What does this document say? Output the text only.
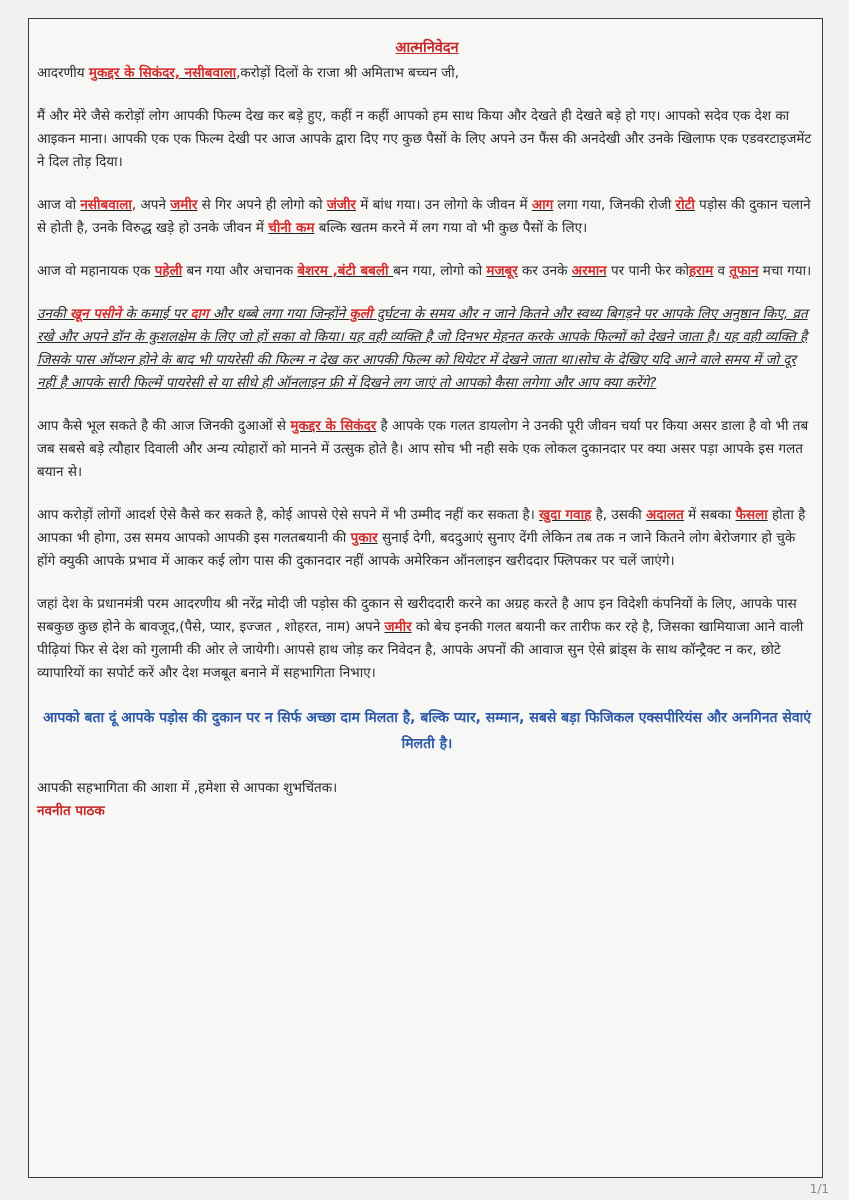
आत्मनिवेदन

आदरणीय मुकद्दर के सिकंदर, नसीबवाला,करोड़ों दिलों के राजा श्री अमिताभ बच्चन जी,

मैं और मेरे जैसे करोड़ों लोग आपकी फिल्म देख कर बड़े हुए, कहीं न कहीं आपको हम साथ किया और देखते ही देखते बड़े हो गए। आपको सदेव एक देश का आइकन माना। आपकी एक एक फिल्म देखी पर आज आपके द्वारा दिए गए कुछ पैसों के लिए अपने उन फैंस की अनदेखी और उनके खिलाफ एक एडवरटाइजमेंट ने दिल तोड़ दिया।

आज वो नसीबवाला, अपने जमीर से गिर अपने ही लोगो को जंजीर में बांध गया। उन लोगो के जीवन में आग लगा गया, जिनकी रोजी रोटी पड़ोस की दुकान चलाने से होती है, उनके विरुद्ध खड़े हो उनके जीवन में चीनी कम बल्कि खतम करने में लग गया वो भी कुछ पैसों के लिए।

आज वो महानायक एक पहेली बन गया और अचानक बेशरम ,बंटी बबली बन गया, लोगो को मजबूर कर उनके अरमान पर पानी फेर कोहराम व तूफान मचा गया।

उनकी खून पसीने के कमाई पर दाग और धब्बे लगा गया जिन्होंने कुली दुर्घटना के समय और न जाने कितने और स्वथ्य बिगड़ने पर आपके लिए अनुष्ठान किए, व्रत रखे और अपने डॉन के कुशलक्षेम के लिए जो हों सका वो किया। यह वही व्यक्ति है जो दिनभर मेहनत करके आपके फिल्मों को देखने जाता है। यह वही व्यक्ति है जिसके पास ऑप्शन होने के बाद भी पायरेसी की फिल्म न देख कर आपकी फिल्म को थियेटर में देखने जाता था।सोच के देखिए यदि आने वाले समय में जो दूर नहीं है आपके सारी फिल्में पायरेसी से या सीधे ही ऑनलाइन फ्री में दिखने लग जाएं तो आपको कैसा लगेगा और आप क्या करेंगे?

आप कैसे भूल सकते है की आज जिनकी दुआओं से मुकद्दर के सिकंदर है आपके एक गलत डायलोग ने उनकी पूरी जीवन चर्या पर किया असर डाला है वो भी तब जब सबसे बड़े त्यौहार दिवाली और अन्य त्योहारों को मानने में उत्सुक होते है। आप सोच भी नही सके एक लोकल दुकानदार पर क्या असर पड़ा आपके इस गलत बयान से।

आप करोड़ों लोगों आदर्श ऐसे कैसे कर सकते है, कोई आपसे ऐसे सपने में भी उम्मीद नहीं कर सकता है। खुदा गवाह है, उसकी अदालत में सबका फैसला होता है आपका भी होगा, उस समय आपको आपकी इस गलतबयानी की पुकार सुनाई देगी, बददुआएं सुनाए देंगी लेकिन तब तक न जाने कितने लोग बेरोजगार हो चुके होंगे क्युकी आपके प्रभाव में आकर कई लोग पास की दुकानदार नहीं आपके अमेरिकन ऑनलाइन खरीददार फ्लिपकर पर चलें जाएंगे।

जहां देश के प्रधानमंत्री परम आदरणीय श्री नरेंद्र मोदी जी पड़ोस की दुकान से खरीददारी करने का अग्रह करते है आप इन विदेशी कंपनियों के लिए, आपके पास सबकुछ कुछ होने के बावजूद,(पैसे, प्यार, इज्जत , शोहरत, नाम) अपने जमीर को बेच इनकी गलत बयानी कर तारीफ कर रहे है, जिसका खामियाजा आने वाली पीढ़ियां फिर से देश को गुलामी की ओर ले जायेगी। आपसे हाथ जोड़ कर निवेदन है, आपके अपनों की आवाज सुन ऐसे ब्रांड्स के साथ कॉन्ट्रैक्ट न कर, छोटे व्यापारियों का सपोर्ट करें और देश मजबूत बनाने में सहभागिता निभाए।

आपको बता दूं आपके पड़ोस की दुकान पर न सिर्फ अच्छा दाम मिलता है, बल्कि प्यार, सम्मान, सबसे बड़ा फिजिकल एक्सपीरियंस और अनगिनत सेवाएं मिलती है।

आपकी सहभागिता की आशा में ,हमेशा से आपका शुभचिंतक।
नवनीत पाठक
1/1
